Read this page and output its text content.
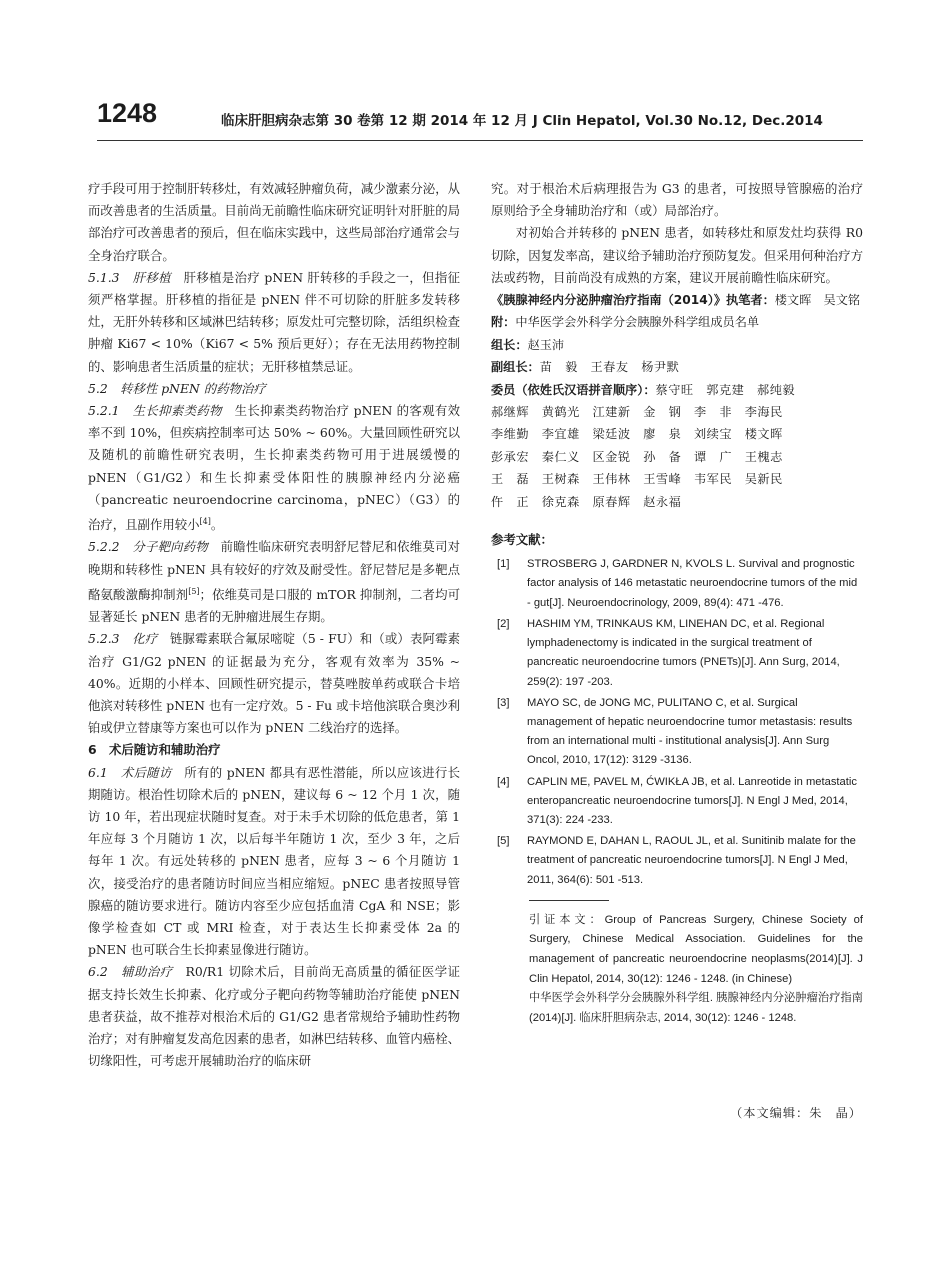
1248	临床肝胆病杂志第 30 卷第 12 期 2014 年 12 月 J Clin Hepatol, Vol.30 No.12, Dec.2014

疗手段可用于控制肝转移灶，有效减轻肿瘤负荷，减少激素分泌，从而改善患者的生活质量。目前尚无前瞻性临床研究证明针对肝脏的局部治疗可改善患者的预后，但在临床实践中，这些局部治疗通常会与全身治疗联合。

5.1.3　肝移植　肝移植是治疗 pNEN 肝转移的手段之一，但指征须严格掌握。肝移植的指征是 pNEN 伴不可切除的肝脏多发转移灶，无肝外转移和区域淋巴结转移；原发灶可完整切除，活组织检查肿瘤 Ki67 < 10%（Ki67 < 5% 预后更好）；存在无法用药物控制的、影响患者生活质量的症状；无肝移植禁忌证。

5.2　转移性 pNEN 的药物治疗

5.2.1　生长抑素类药物　生长抑素类药物治疗 pNEN 的客观有效率不到 10%，但疾病控制率可达 50% ~ 60%。大量回顾性研究以及随机的前瞻性研究表明，生长抑素类药物可用于进展缓慢的 pNEN（G1/G2）和生长抑素受体阳性的胰腺神经内分泌癌（pancreatic neuroendocrine carcinoma，pNEC）（G3）的治疗，且副作用较小[4]。

5.2.2　分子靶向药物　前瞻性临床研究表明舒尼替尼和依维莫司对晚期和转移性 pNEN 具有较好的疗效及耐受性。舒尼替尼是多靶点酪氨酸激酶抑制剂[5]；依维莫司是口服的 mTOR 抑制剂，二者均可显著延长 pNEN 患者的无肿瘤进展生存期。

5.2.3　化疗　链脲霉素联合氟尿嘧啶（5 - FU）和（或）表阿霉素治疗 G1/G2 pNEN 的证据最为充分，客观有效率为 35% ~ 40%。近期的小样本、回顾性研究提示，替莫唑胺单药或联合卡培他滨对转移性 pNEN 也有一定疗效。5 - Fu 或卡培他滨联合奥沙利铂或伊立替康等方案也可以作为 pNEN 二线治疗的选择。

6　术后随访和辅助治疗

6.1　术后随访　所有的 pNEN 都具有恶性潜能，所以应该进行长期随访。根治性切除术后的 pNEN，建议每 6 ~ 12 个月 1 次，随访 10 年，若出现症状随时复查。对于未手术切除的低危患者，第 1 年应每 3 个月随访 1 次，以后每半年随访 1 次，至少 3 年，之后每年 1 次。有远处转移的 pNEN 患者，应每 3 ~ 6 个月随访 1 次，接受治疗的患者随访时间应当相应缩短。pNEC 患者按照导管腺癌的随访要求进行。随访内容至少应包括血清 CgA 和 NSE；影像学检查如 CT 或 MRI 检查，对于表达生长抑素受体 2a 的 pNEN 也可联合生长抑素显像进行随访。

6.2　辅助治疗　R0/R1 切除术后，目前尚无高质量的循征医学证据支持长效生长抑素、化疗或分子靶向药物等辅助治疗能使 pNEN 患者获益，故不推荐对根治术后的 G1/G2 患者常规给予辅助性药物治疗；对有肿瘤复发高危因素的患者，如淋巴结转移、血管内癌栓、切缘阳性，可考虑开展辅助治疗的临床研

究。对于根治术后病理报告为 G3 的患者，可按照导管腺癌的治疗原则给予全身辅助治疗和（或）局部治疗。

对初始合并转移的 pNEN 患者，如转移灶和原发灶均获得 R0 切除，因复发率高，建议给予辅助治疗预防复发。但采用何种治疗方法或药物，目前尚没有成熟的方案，建议开展前瞻性临床研究。

《胰腺神经内分泌肿瘤治疗指南（2014）》执笔者：楼文晖　吴文铭
附：中华医学会外科学分会胰腺外科学组成员名单
组长：赵玉沛
副组长：苗　毅　王春友　杨尹默
委员（依姓氏汉语拼音顺序）：蔡守旺　郭克建　郝纯毅
郝继辉　黄鹤光　江建新　金　钢　李　非　李海民
李维勤　李宜雄　梁廷波　廖　泉　刘续宝　楼文晖
彭承宏　秦仁义　区金锐　孙　备　谭　广　王槐志
王　磊　王树森　王伟林　王雪峰　韦军民　吴新民
仵　正　徐克森　原春辉　赵永福

参考文献：

[1]	STROSBERG J, GARDNER N, KVOLS L. Survival and prognostic factor analysis of 146 metastatic neuroendocrine tumors of the mid - gut[J]. Neuroendocrinology, 2009, 89(4): 471 -476.
[2]	HASHIM YM, TRINKAUS KM, LINEHAN DC, et al. Regional lymphadenectomy is indicated in the surgical treatment of pancreatic neuroendocrine tumors (PNETs)[J]. Ann Surg, 2014, 259(2): 197 -203.
[3]	MAYO SC, de JONG MC, PULITANO C, et al. Surgical management of hepatic neuroendocrine tumor metastasis: results from an international multi - institutional analysis[J]. Ann Surg Oncol, 2010, 17(12): 3129 -3136.
[4]	CAPLIN ME, PAVEL M, ĆWIKŁA JB, et al. Lanreotide in metastatic enteropancreatic neuroendocrine tumors[J]. N Engl J Med, 2014, 371(3): 224 -233.
[5]	RAYMOND E, DAHAN L, RAOUL JL, et al. Sunitinib malate for the treatment of pancreatic neuroendocrine tumors[J]. N Engl J Med, 2011, 364(6): 501 -513.

引证本文：Group of Pancreas Surgery, Chinese Society of Surgery, Chinese Medical Association. Guidelines for the management of pancreatic neuroendocrine neoplasms(2014)[J]. J Clin Hepatol, 2014, 30(12): 1246 - 1248. (in Chinese)

中华医学会外科学分会胰腺外科学组. 胰腺神经内分泌肿瘤治疗指南(2014)[J]. 临床肝胆病杂志, 2014, 30(12): 1246 - 1248.

（本文编辑：朱　晶）
